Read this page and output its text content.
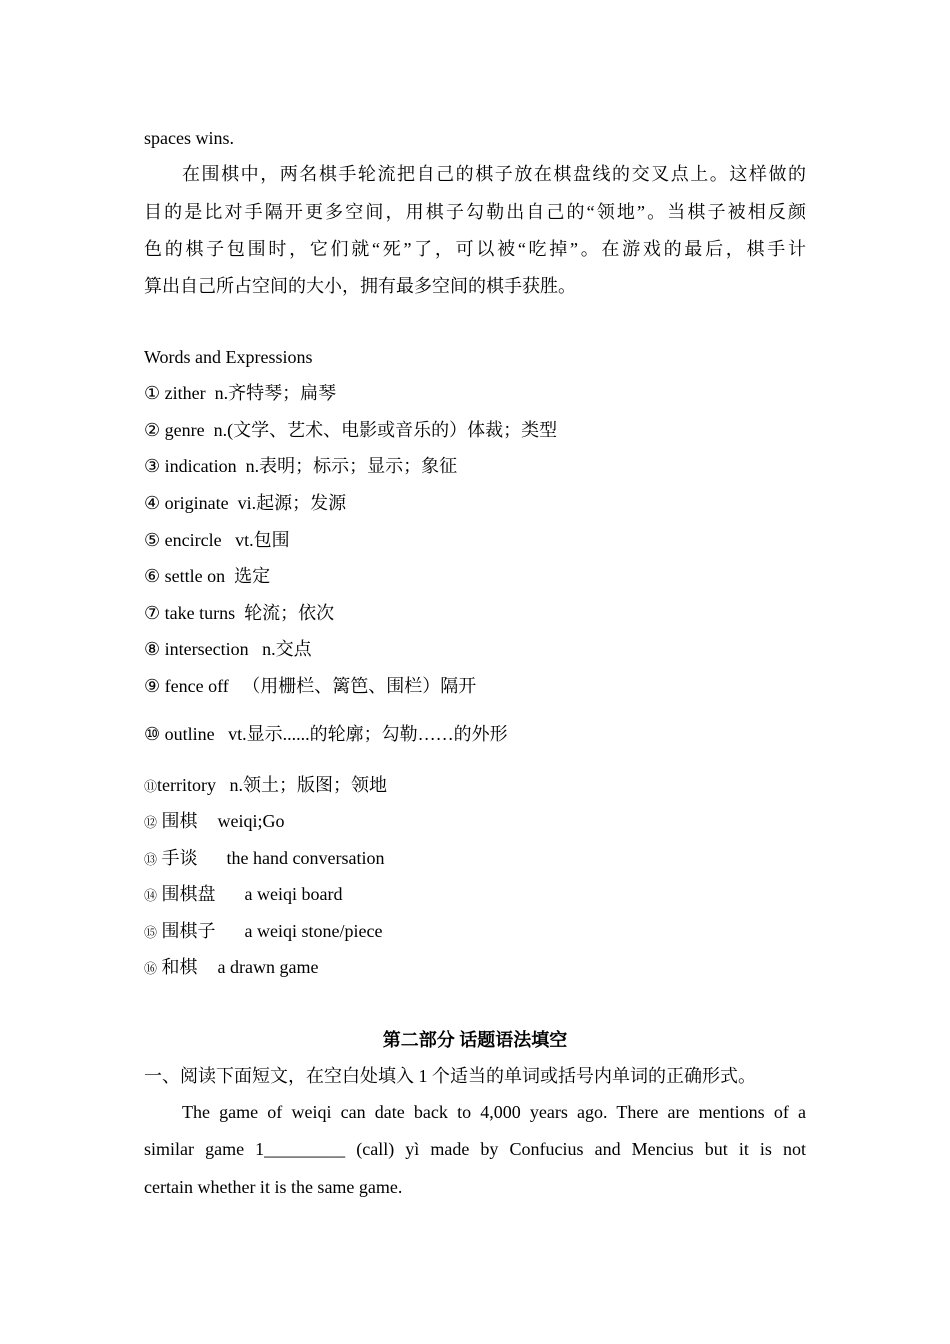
spaces wins.
在围棋中，两名棋手轮流把自己的棋子放在棋盘线的交叉点上。这样做的
目的是比对手隔开更多空间，用棋子勾勒出自己的“领地”。当棋子被相反颜
色的棋子包围时，它们就“死”了，可以被“吃掉”。在游戏的最后，棋手计
算出自己所占空间的大小，拥有最多空间的棋手获胜。
Words and Expressions
① zither n.齐特琴；扁琴
② genre n.(文学、艺术、电影或音乐的）体裁；类型
③ indication n.表明；标示；显示；象征
④ originate vi.起源；发源
⑤ encircle vt.包围
⑥ settle on 选定
⑦ take turns 轮流；依次
⑧ intersection n.交点
⑨ fence off （用栅栏、篱笆、围栏）隔开
⑩ outline vt.显示......的轮廓；勾勒……的外形
⑪territory n.领土；版图；领地
⑫ 围棋 weiqi;Go
⑬ 手谈 the hand conversation
⑭ 围棋盘 a weiqi board
⑮ 围棋子 a weiqi stone/piece
⑯ 和棋 a drawn game
第二部分 话题语法填空
一、阅读下面短文，在空白处填入 1 个适当的单词或括号内单词的正确形式。
The game of weiqi can date back to 4,000 years ago. There are mentions of a
similar game 1_________ (call) yì made by Confucius and Mencius but it is not
certain whether it is the same game.
